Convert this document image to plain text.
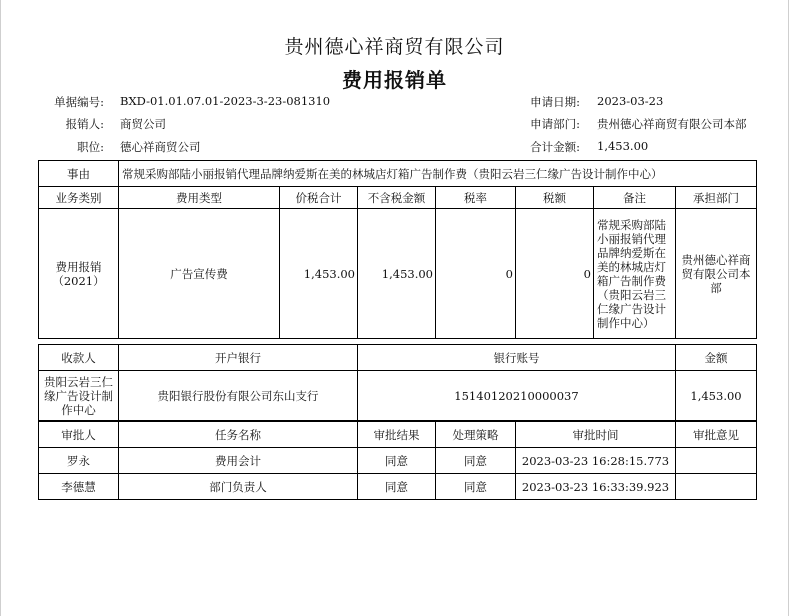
贵州德心祥商贸有限公司
费用报销单
单据编号: BXD-01.01.07.01-2023-3-23-081310
报销人: 商贸公司
职位: 德心祥商贸公司
申请日期: 2023-03-23
申请部门: 贵州德心祥商贸有限公司本部
合计金额: 1,453.00
事由	常规采购部陆小丽报销代理品牌纳爱斯在美的林城店灯箱广告制作费（贵阳云岩三仁缘广告设计制作中心）						
业务类别	费用类型	价税合计	不含税金额	税率	税额	备注	承担部门
费用报销（2021）	广告宣传费	1,453.00	1,453.00	0	0	常规采购部陆小丽报销代理品牌纳爱斯在美的林城店灯箱广告制作费（贵阳云岩三仁缘广告设计制作中心）	贵州德心祥商贸有限公司本部
收款人	开户银行	银行账号	金额
贵阳云岩三仁缘广告设计制作中心	贵阳银行股份有限公司东山支行	15140120210000037	1,453.00
审批人	任务名称	审批结果	处理策略	审批时间	审批意见
罗永	费用会计	同意	同意	2023-03-23 16:28:15.773	
李德慧	部门负责人	同意	同意	2023-03-23 16:33:39.923	
